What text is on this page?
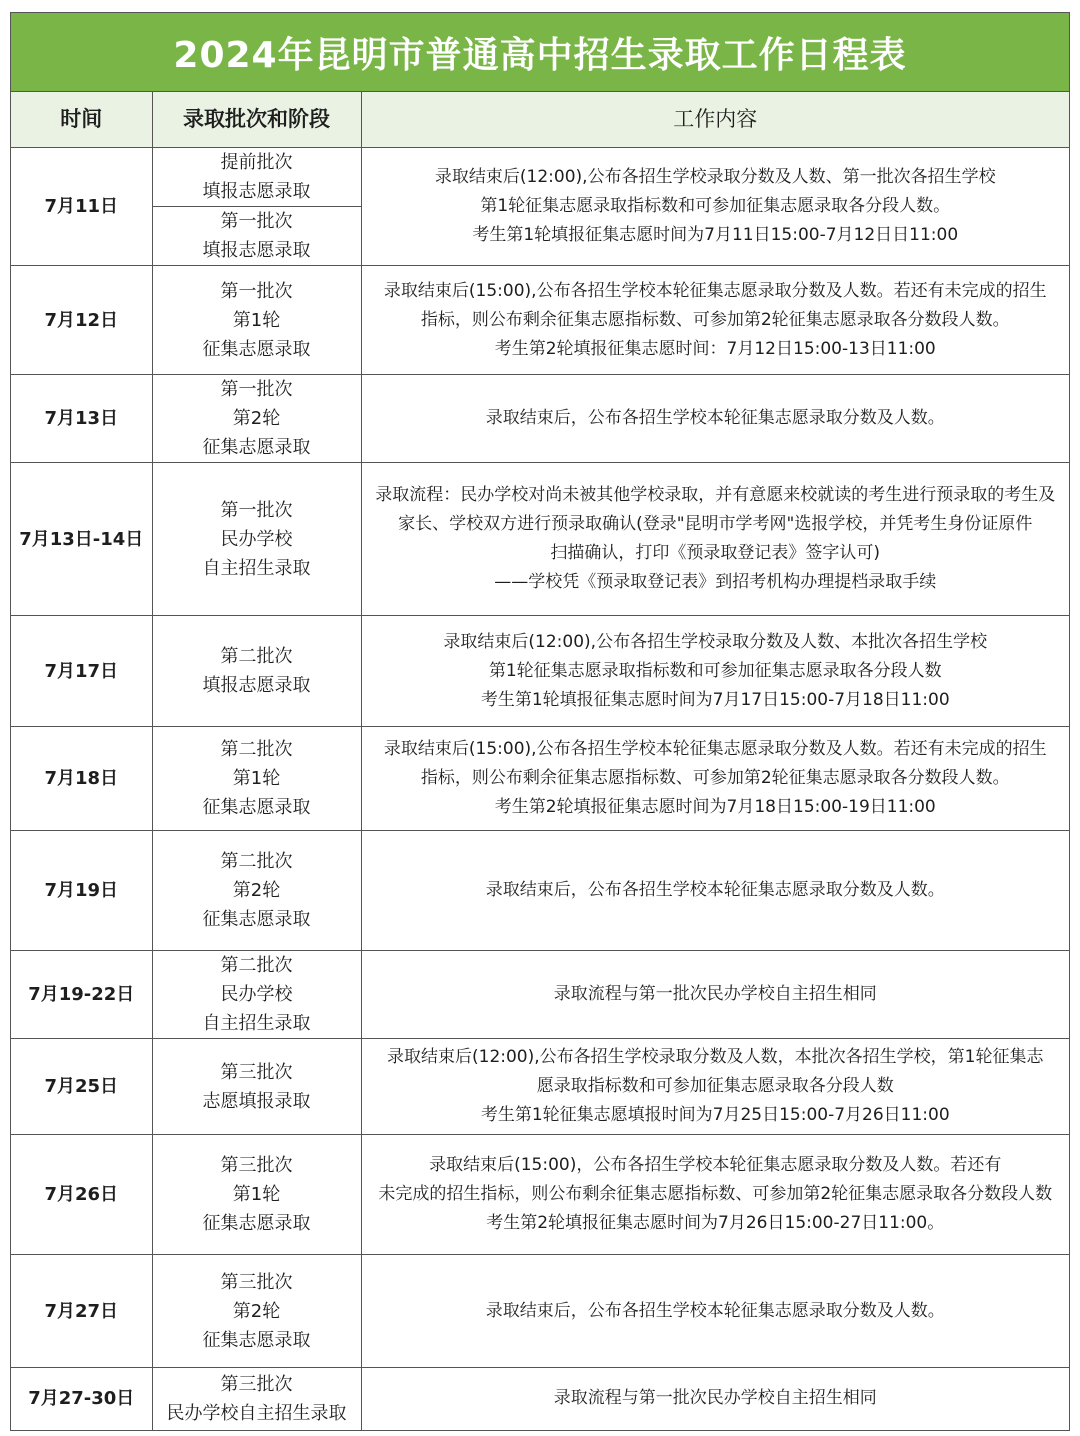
2024年昆明市普通高中招生录取工作日程表
时间	录取批次和阶段	工作内容
7月11日	提前批次
填报志愿录取	录取结束后(12:00),公布各招生学校录取分数及人数、第一批次各招生学校
第1轮征集志愿录取指标数和可参加征集志愿录取各分段人数。
考生第1轮填报征集志愿时间为7月11日15:00-7月12日日11:00

	第一批次
填报志愿录取	

7月12日	第一批次
第1轮
征集志愿录取	录取结束后(15:00),公布各招生学校本轮征集志愿录取分数及人数。若还有未完成的招生
指标，则公布剩余征集志愿指标数、可参加第2轮征集志愿录取各分数段人数。
考生第2轮填报征集志愿时间：7月12日15:00-13日11:00

7月13日	第一批次
第2轮
征集志愿录取	录取结束后，公布各招生学校本轮征集志愿录取分数及人数。

7月13日-14日	第一批次
民办学校
自主招生录取	录取流程：民办学校对尚未被其他学校录取，并有意愿来校就读的考生进行预录取的考生及
家长、学校双方进行预录取确认(登录"昆明市学考网"选报学校，并凭考生身份证原件
扫描确认，打印《预录取登记表》签字认可)
——学校凭《预录取登记表》到招考机构办理提档录取手续

7月17日	第二批次
填报志愿录取	录取结束后(12:00),公布各招生学校录取分数及人数、本批次各招生学校
第1轮征集志愿录取指标数和可参加征集志愿录取各分段人数
考生第1轮填报征集志愿时间为7月17日15:00-7月18日11:00

7月18日	第二批次
第1轮
征集志愿录取	录取结束后(15:00),公布各招生学校本轮征集志愿录取分数及人数。若还有未完成的招生
指标，则公布剩余征集志愿指标数、可参加第2轮征集志愿录取各分数段人数。
考生第2轮填报征集志愿时间为7月18日15:00-19日11:00

7月19日	第二批次
第2轮
征集志愿录取	录取结束后，公布各招生学校本轮征集志愿录取分数及人数。

7月19-22日	第二批次
民办学校
自主招生录取	录取流程与第一批次民办学校自主招生相同

7月25日	第三批次
志愿填报录取	录取结束后(12:00),公布各招生学校录取分数及人数，本批次各招生学校，第1轮征集志
愿录取指标数和可参加征集志愿录取各分段人数
考生第1轮征集志愿填报时间为7月25日15:00-7月26日11:00

7月26日	第三批次
第1轮
征集志愿录取	录取结束后(15:00)，公布各招生学校本轮征集志愿录取分数及人数。若还有
未完成的招生指标，则公布剩余征集志愿指标数、可参加第2轮征集志愿录取各分数段人数
考生第2轮填报征集志愿时间为7月26日15:00-27日11:00。

7月27日	第三批次
第2轮
征集志愿录取	录取结束后，公布各招生学校本轮征集志愿录取分数及人数。

7月27-30日	第三批次
民办学校自主招生录取	录取流程与第一批次民办学校自主招生相同
